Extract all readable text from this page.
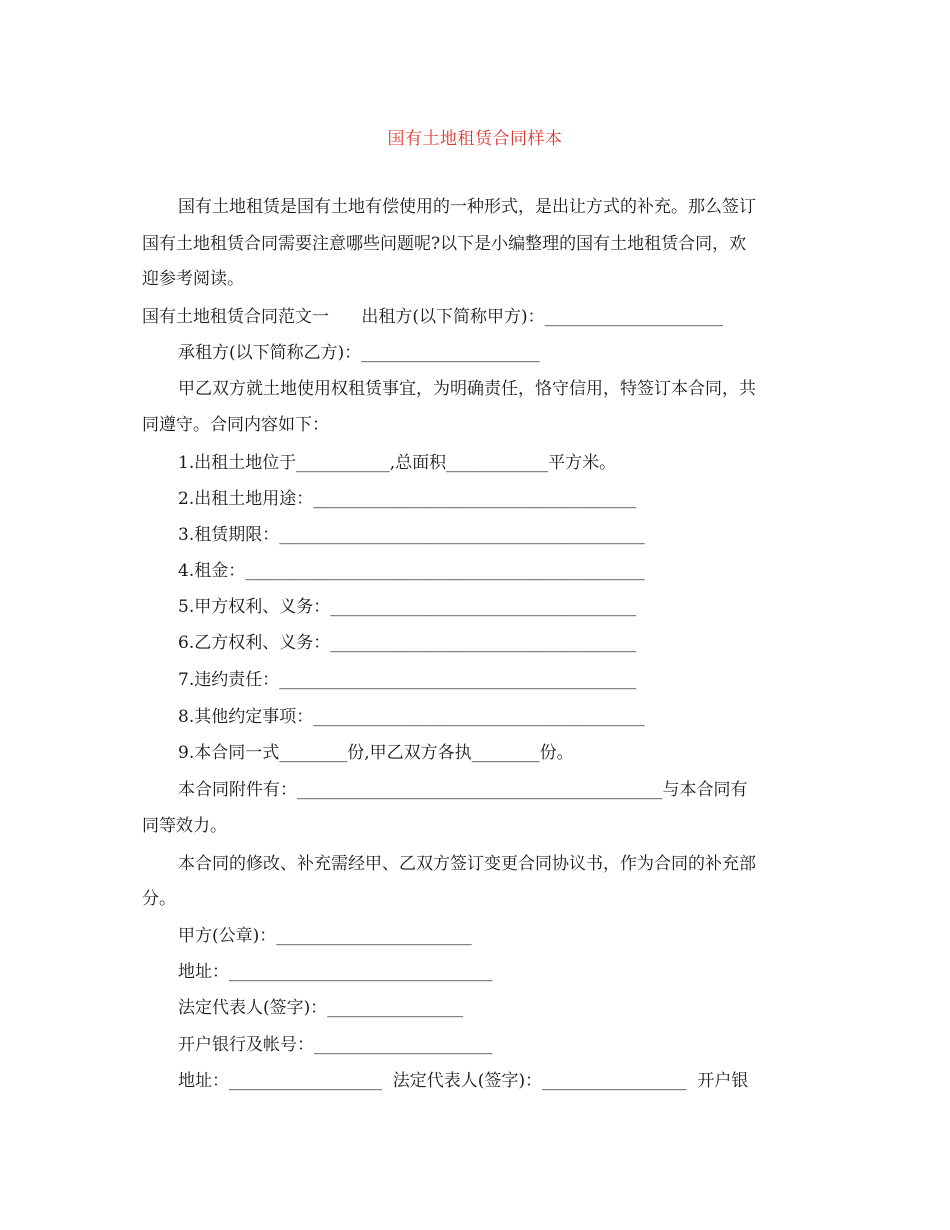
国有土地租赁合同样本
国有土地租赁是国有土地有偿使用的一种形式，是出让方式的补充。那么签订
国有土地租赁合同需要注意哪些问题呢?以下是小编整理的国有土地租赁合同，欢
迎参考阅读。
国有土地租赁合同范文一      出租方(以下简称甲方)：_____________________
承租方(以下简称乙方)：_____________________
甲乙双方就土地使用权租赁事宜，为明确责任，恪守信用，特签订本合同，共
同遵守。合同内容如下：
1.出租土地位于___________,总面积____________平方米。
2.出租土地用途：______________________________________
3.租赁期限：___________________________________________
4.租金：_______________________________________________
5.甲方权利、义务：____________________________________
6.乙方权利、义务：____________________________________
7.违约责任：__________________________________________
8.其他约定事项：_______________________________________
9.本合同一式________份,甲乙双方各执________份。
本合同附件有：___________________________________________与本合同有
同等效力。
本合同的修改、补充需经甲、乙双方签订变更合同协议书，作为合同的补充部
分。
甲方(公章)：_______________________
地址：_______________________________
法定代表人(签字)：________________
开户银行及帐号：_____________________
地址：__________________  法定代表人(签字)：_________________  开户银
